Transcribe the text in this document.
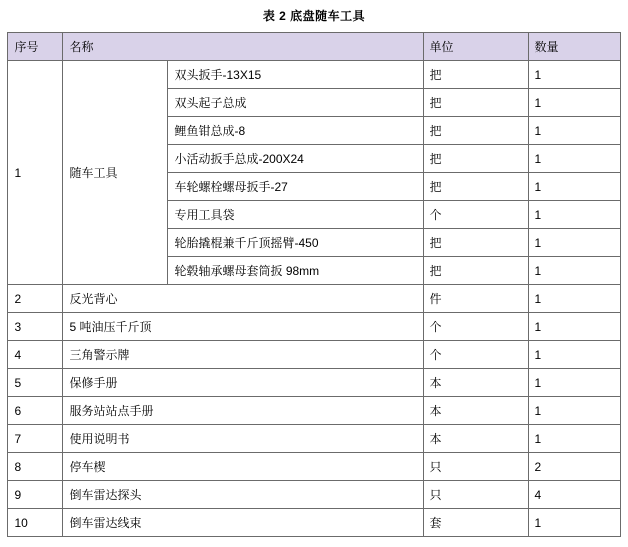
表 2 底盘随车工具
序号	名称		单位	数量
1	随车工具	双头扳手-13X15	把	1
		双头起子总成	把	1
		鲤鱼钳总成-8	把	1
		小活动扳手总成-200X24	把	1
		车轮螺栓螺母扳手-27	把	1
		专用工具袋	个	1
		轮胎撬棍兼千斤顶摇臂-450	把	1
		轮毂轴承螺母套筒扳 98mm	把	1
2	反光背心		件	1
3	5 吨油压千斤顶		个	1
4	三角警示牌		个	1
5	保修手册		本	1
6	服务站站点手册		本	1
7	使用说明书		本	1
8	停车楔		只	2
9	倒车雷达探头		只	4
10	倒车雷达线束		套	1
